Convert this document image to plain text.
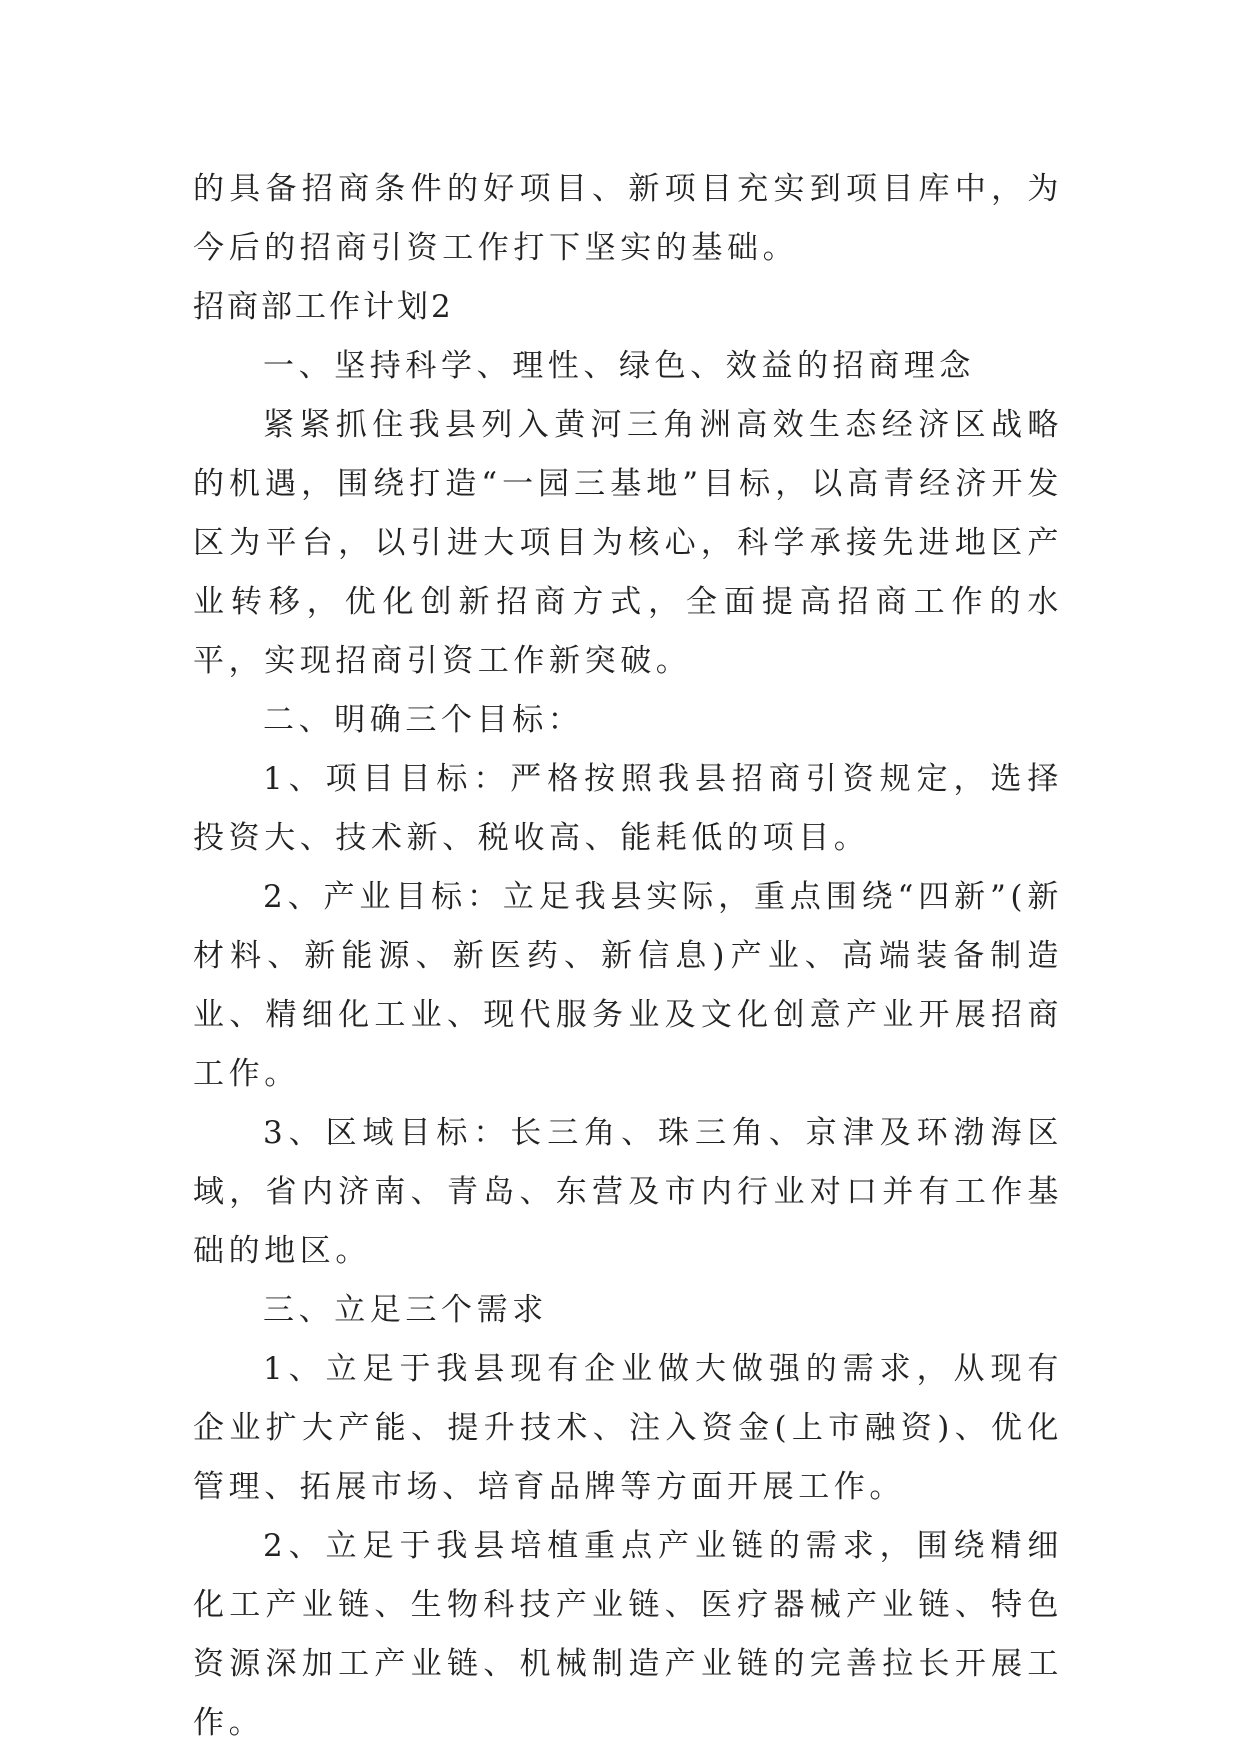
的具备招商条件的好项目、新项目充实到项目库中，为今后的招商引资工作打下坚实的基础。

招商部工作计划2

一、坚持科学、理性、绿色、效益的招商理念

紧紧抓住我县列入黄河三角洲高效生态经济区战略的机遇，围绕打造“一园三基地”目标，以高青经济开发区为平台，以引进大项目为核心，科学承接先进地区产业转移，优化创新招商方式，全面提高招商工作的水平，实现招商引资工作新突破。

二、明确三个目标：

1、项目目标：严格按照我县招商引资规定，选择投资大、技术新、税收高、能耗低的项目。

2、产业目标：立足我县实际，重点围绕“四新”(新材料、新能源、新医药、新信息)产业、高端装备制造业、精细化工业、现代服务业及文化创意产业开展招商工作。

3、区域目标：长三角、珠三角、京津及环渤海区域，省内济南、青岛、东营及市内行业对口并有工作基础的地区。

三、立足三个需求

1、立足于我县现有企业做大做强的需求，从现有企业扩大产能、提升技术、注入资金(上市融资)、优化管理、拓展市场、培育品牌等方面开展工作。

2、立足于我县培植重点产业链的需求，围绕精细化工产业链、生物科技产业链、医疗器械产业链、特色资源深加工产业链、机械制造产业链的完善拉长开展工作。
